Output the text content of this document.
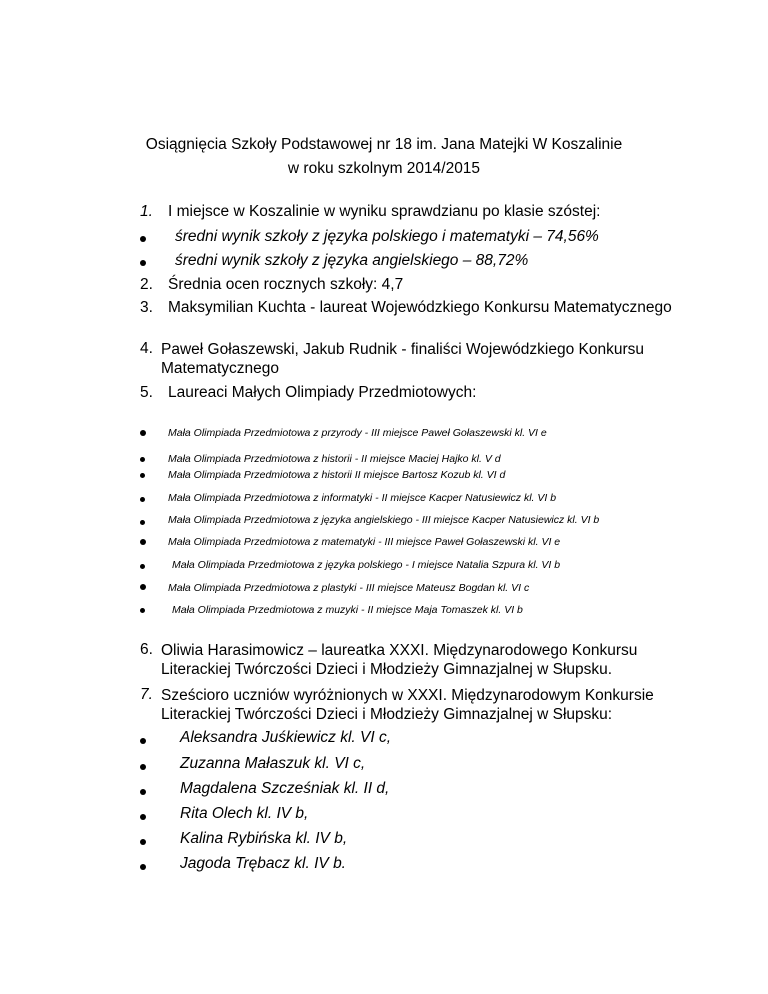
Osiągnięcia Szkoły Podstawowej nr 18 im. Jana Matejki W Koszalinie
w roku szkolnym 2014/2015
1. I miejsce w Koszalinie w wyniku sprawdzianu po klasie szóstej:
średni wynik szkoły z języka polskiego i matematyki – 74,56%
średni wynik szkoły z języka angielskiego – 88,72%
2. Średnia ocen rocznych szkoły: 4,7
3. Maksymilian Kuchta - laureat Wojewódzkiego Konkursu Matematycznego
4. Paweł Gołaszewski, Jakub Rudnik - finaliści Wojewódzkiego Konkursu Matematycznego
5. Laureaci Małych Olimpiady Przedmiotowych:
Mała Olimpiada Przedmiotowa z przyrody - III miejsce Paweł Gołaszewski kl. VI e
Mała Olimpiada Przedmiotowa z historii - II miejsce Maciej Hajko kl. V d
Mała Olimpiada Przedmiotowa z historii II miejsce Bartosz Kozub kl. VI d
Mała Olimpiada Przedmiotowa z informatyki - II miejsce Kacper Natusiewicz kl. VI b
Mała Olimpiada Przedmiotowa z języka angielskiego - III miejsce Kacper Natusiewicz kl. VI b
Mała Olimpiada Przedmiotowa z matematyki - III miejsce Paweł Gołaszewski kl. VI e
Mała Olimpiada Przedmiotowa z języka polskiego - I miejsce Natalia Szpura kl. VI b
Mała Olimpiada Przedmiotowa z plastyki - III miejsce Mateusz Bogdan kl. VI c
Mała Olimpiada Przedmiotowa z muzyki - II miejsce Maja Tomaszek kl. VI b
6. Oliwia Harasimowicz – laureatka XXXI. Międzynarodowego Konkursu Literackiej Twórczości Dzieci i Młodzieży Gimnazjalnej w Słupsku.
7. Sześcioro uczniów wyróżnionych w XXXI. Międzynarodowym Konkursie Literackiej Twórczości Dzieci i Młodzieży Gimnazjalnej w Słupsku:
Aleksandra Juśkiewicz kl. VI c,
Zuzanna Małaszuk kl. VI c,
Magdalena Szcześniak kl. II d,
Rita Olech kl. IV b,
Kalina Rybińska kl. IV b,
Jagoda Trębacz kl. IV b.
